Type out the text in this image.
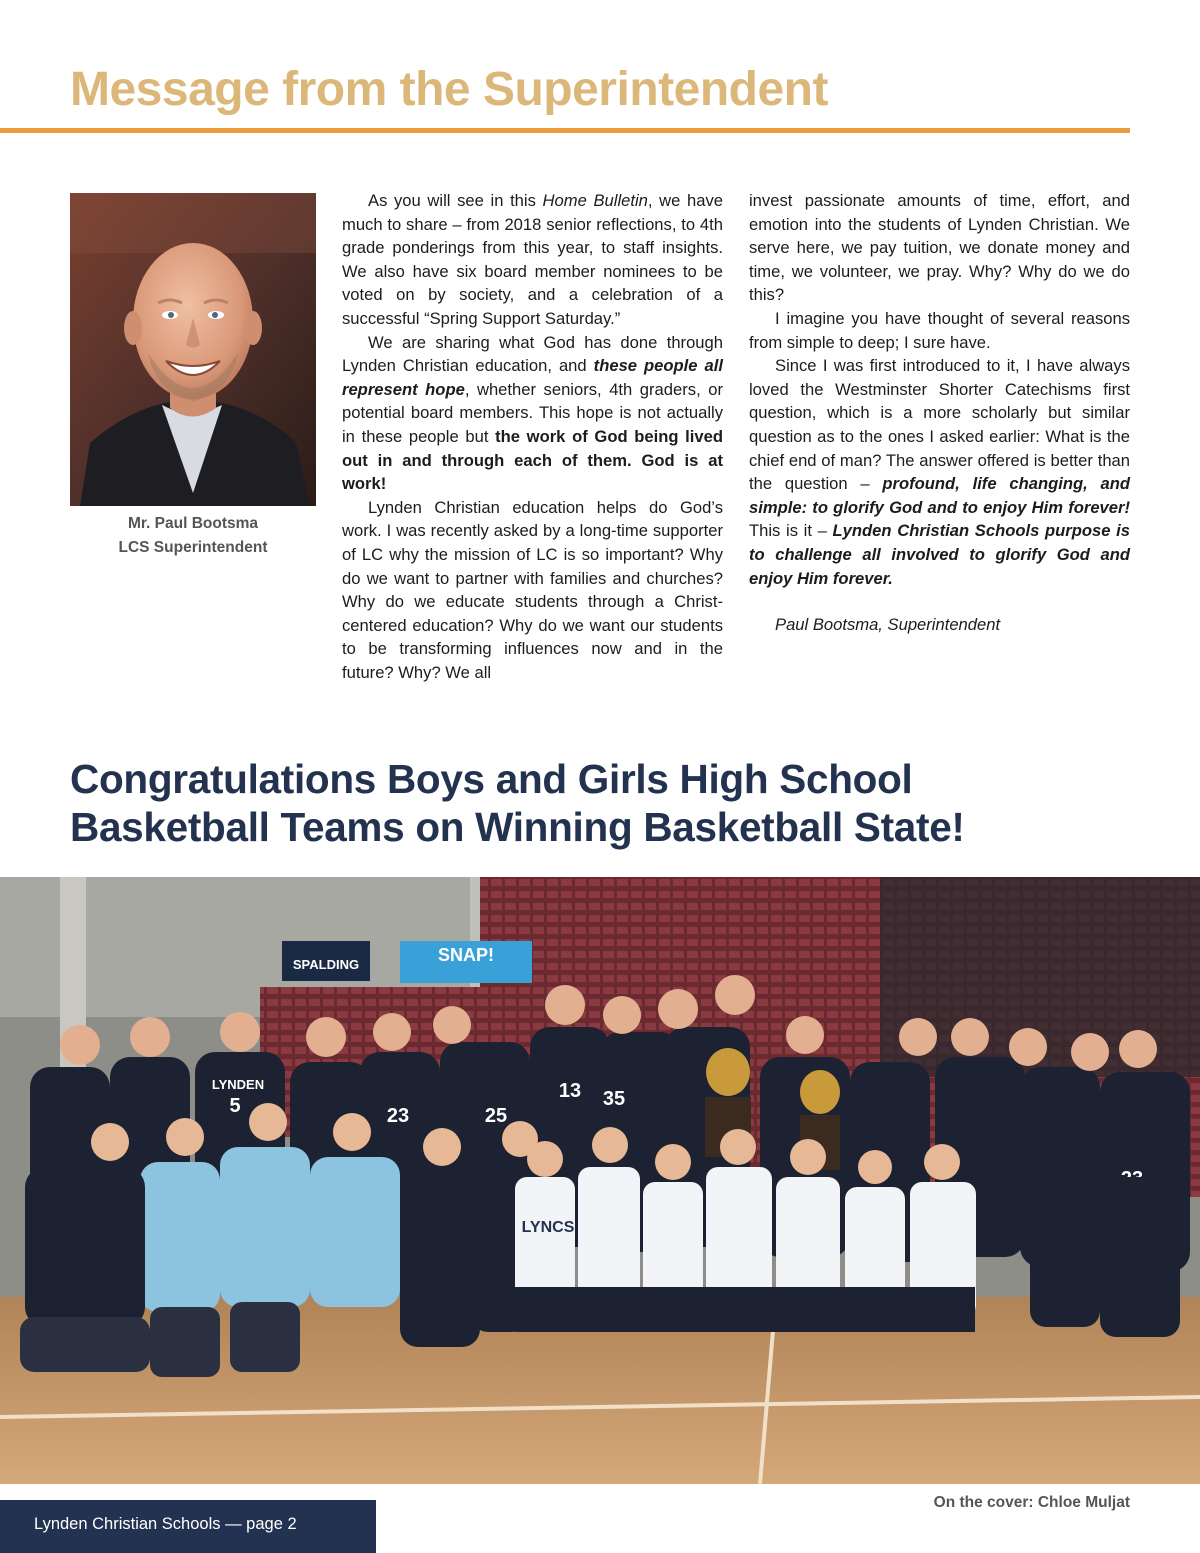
Message from the Superintendent
Mr. Paul Bootsma
LCS Superintendent

As you will see in this Home Bulletin, we have much to share – from 2018 senior reflections, to 4th grade ponderings from this year, to staff insights. We also have six board member nominees to be voted on by society, and a celebration of a successful “Spring Support Saturday.”

We are sharing what God has done through Lynden Christian education, and these people all represent hope, whether seniors, 4th graders, or potential board members. This hope is not actually in these people but the work of God being lived out in and through each of them. God is at work!

Lynden Christian education helps do God’s work. I was recently asked by a long-time supporter of LC why the mission of LC is so important? Why do we want to partner with families and churches? Why do we educate students through a Christ-centered education? Why do we want our students to be transforming influences now and in the future? Why? We all

invest passionate amounts of time, effort, and emotion into the students of Lynden Christian. We serve here, we pay tuition, we donate money and time, we volunteer, we pray. Why? Why do we do this?

I imagine you have thought of several reasons from simple to deep; I sure have.

Since I was first introduced to it, I have always loved the Westminster Shorter Catechisms first question, which is a more scholarly but similar question as to the ones I asked earlier: What is the chief end of man? The answer offered is better than the question – profound, life changing, and simple: to glorify God and to enjoy Him forever! This is it – Lynden Christian Schools purpose is to challenge all involved to glorify God and enjoy Him forever.

Paul Bootsma, Superintendent

Congratulations Boys and Girls High School
Basketball Teams on Winning Basketball State!
SPALDING	SNAP!
5	23	25
13 35
LYNDEN
LYNCS
Lynden Christian Schools — page 2
On the cover: Chloe Muljat
